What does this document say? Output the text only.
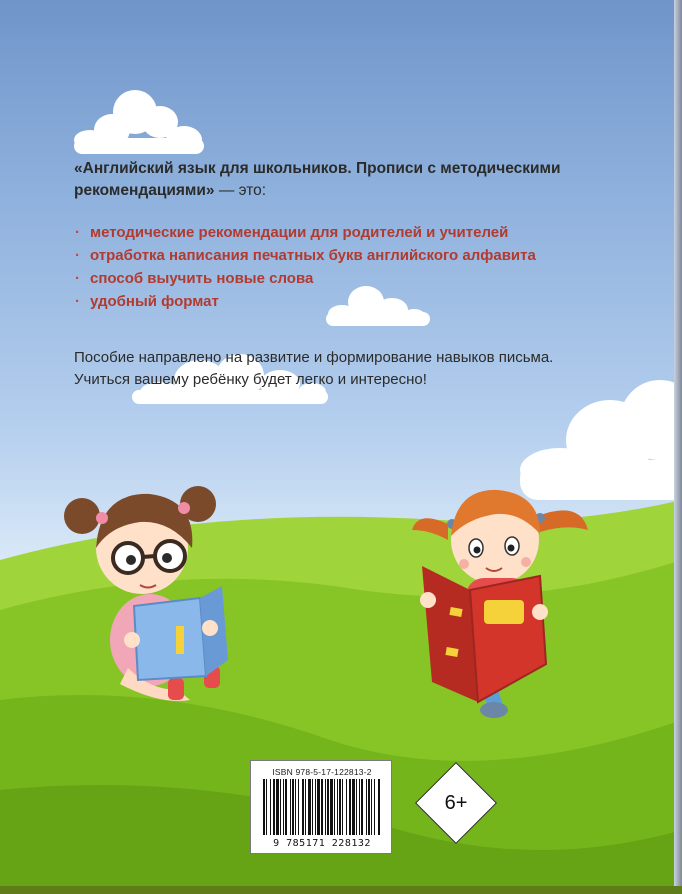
«Английский язык для школьников. Прописи с методическими рекомендациями» — это:
· методические рекомендации для родителей и учителей
· отработка написания печатных букв английского алфавита
· способ выучить новые слова
· удобный формат
Пособие направлено на развитие и формирование навыков письма.
Учиться вашему ребёнку будет легко и интересно!
ISBN 978-5-17-122813-2
9 785171 228132
6+
